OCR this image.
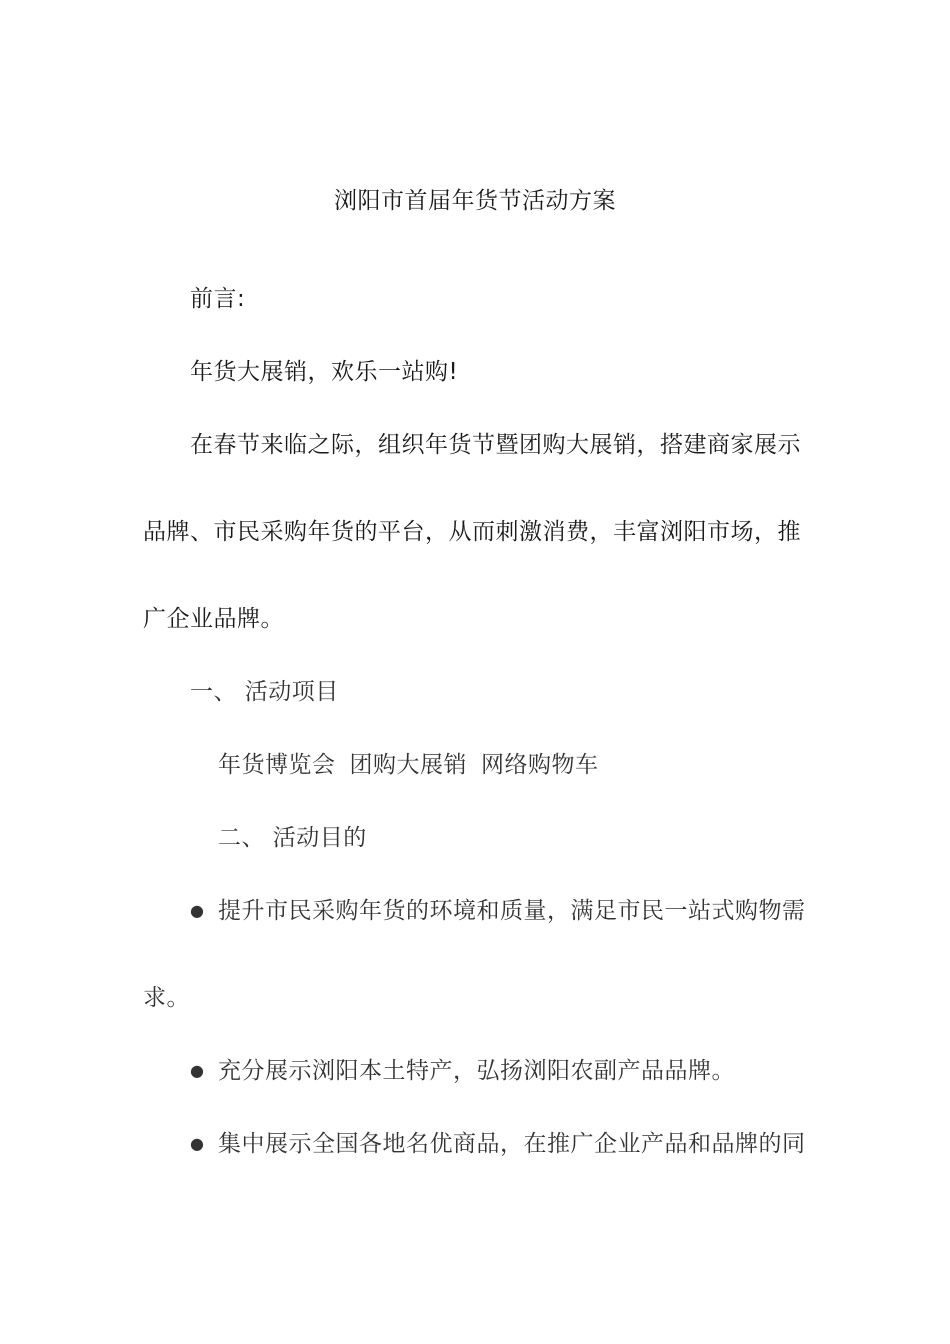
浏阳市首届年货节活动方案
前言:
年货大展销，欢乐一站购!
在春节来临之际，组织年货节暨团购大展销，搭建商家展示
品牌、市民采购年货的平台，从而刺激消费，丰富浏阳市场，推
广企业品牌。
一、 活动项目
年货博览会 团购大展销 网络购物车
二、 活动目的
● 提升市民采购年货的环境和质量，满足市民一站式购物需
求。
● 充分展示浏阳本土特产，弘扬浏阳农副产品品牌。
● 集中展示全国各地名优商品，在推广企业产品和品牌的同
